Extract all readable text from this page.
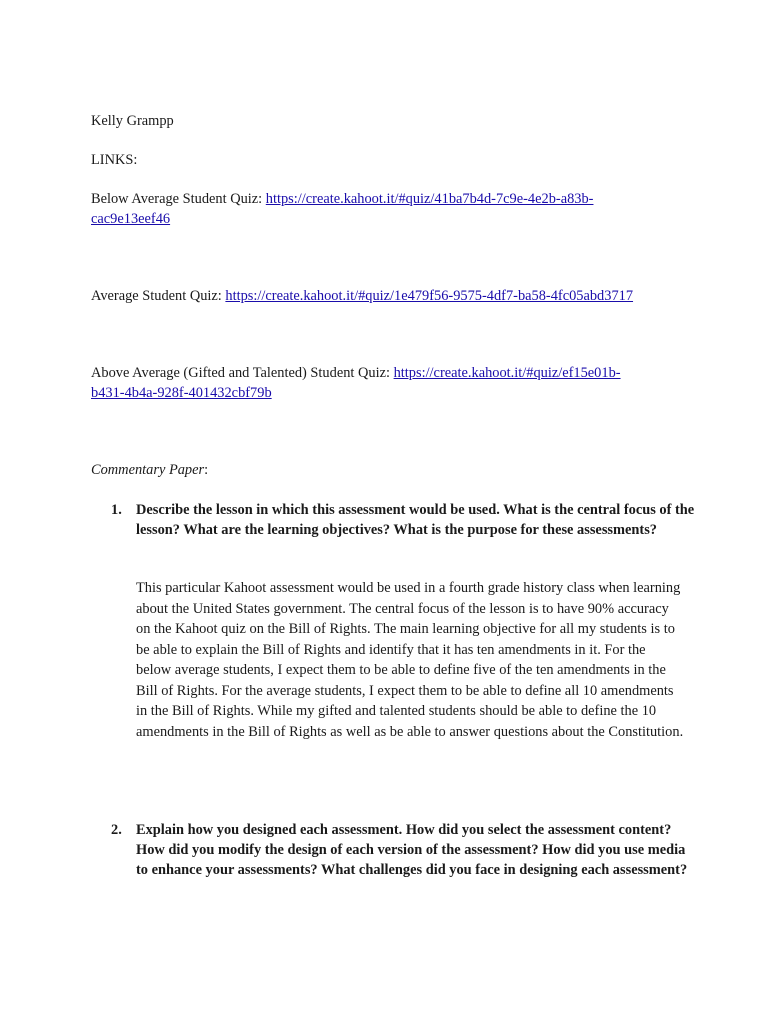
Kelly Grampp
LINKS:
Below Average Student Quiz: https://create.kahoot.it/#quiz/41ba7b4d-7c9e-4e2b-a83b-
cac9e13eef46
Average Student Quiz: https://create.kahoot.it/#quiz/1e479f56-9575-4df7-ba58-4fc05abd3717
Above Average (Gifted and Talented) Student Quiz: https://create.kahoot.it/#quiz/ef15e01b-
b431-4b4a-928f-401432cbf79b
Commentary Paper:
1. Describe the lesson in which this assessment would be used. What is the central focus of the lesson? What are the learning objectives? What is the purpose for these assessments?
This particular Kahoot assessment would be used in a fourth grade history class when learning about the United States government. The central focus of the lesson is to have 90% accuracy on the Kahoot quiz on the Bill of Rights. The main learning objective for all my students is to be able to explain the Bill of Rights and identify that it has ten amendments in it. For the below average students, I expect them to be able to define five of the ten amendments in the Bill of Rights. For the average students, I expect them to be able to define all 10 amendments in the Bill of Rights. While my gifted and talented students should be able to define the 10 amendments in the Bill of Rights as well as be able to answer questions about the Constitution.
2. Explain how you designed each assessment. How did you select the assessment content? How did you modify the design of each version of the assessment? How did you use media to enhance your assessments? What challenges did you face in designing each assessment?
